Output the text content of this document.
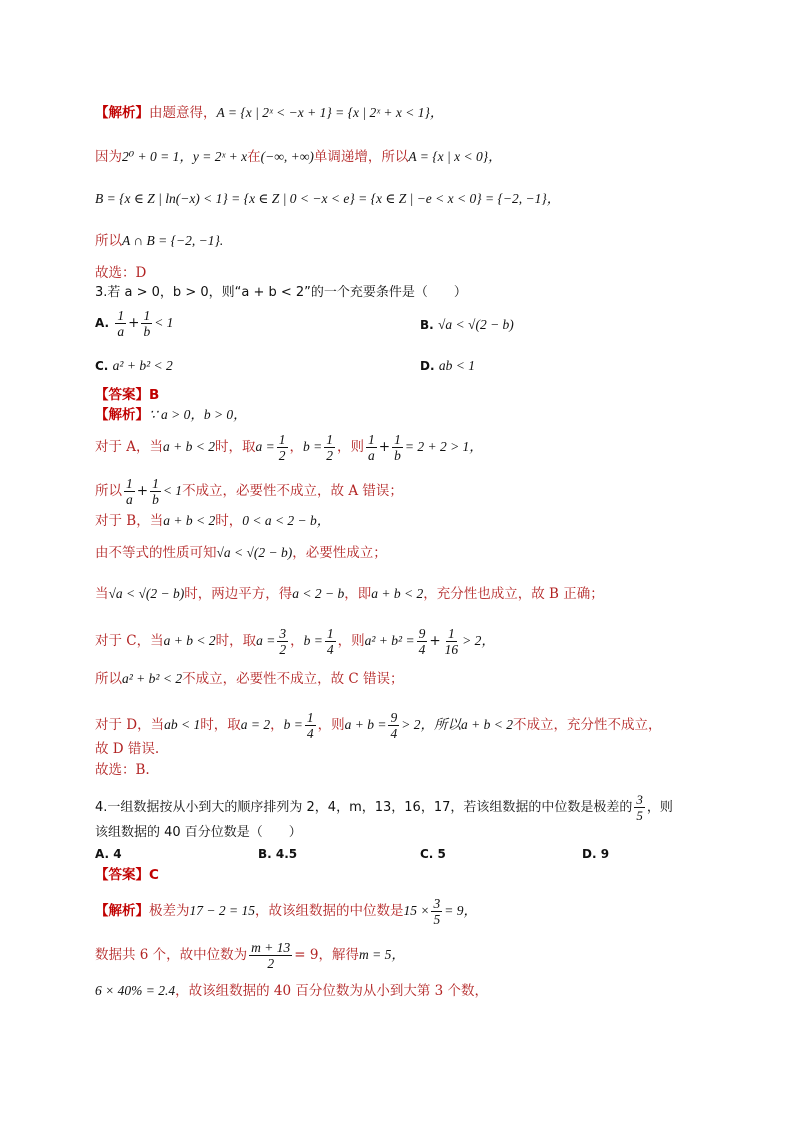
【解析】由题意得，A = {x | 2ˣ < −x + 1} = {x | 2ˣ + x < 1}，
因为2⁰ + 0 = 1，y = 2ˣ + x在(−∞, +∞)单调递增，所以A = {x | x < 0}，
B = {x ∈ Z | ln(−x) < 1} = {x ∈ Z | 0 < −x < e} = {x ∈ Z | −e < x < 0} = {−2, −1}，
所以A ∩ B = {−2, −1}.
故选：D
3.若 a > 0，b > 0，则“a + b < 2”的一个充要条件是（　　）
A. $\frac{1}{a} + \frac{1}{b} < 1$	B. √a < √(2 − b)
C. a² + b² < 2	D. ab < 1
【答案】B
【解析】∵ a > 0，b > 0，
对于 A，当a + b < 2时，取$a = \frac{1}{2}$ ，$b = \frac{1}{2}$ ，则 $\frac{1}{a} + \frac{1}{b} = 2 + 2 > 1$，
所以 $\frac{1}{a} + \frac{1}{b} < 1$不成立，必要性不成立，故 A 错误；
对于 B，当a + b < 2时，0 < a < 2 − b，
由不等式的性质可知√a < √(2 − b)，必要性成立；
当√a < √(2 − b)时，两边平方，得a < 2 − b，即a + b < 2，充分性也成立，故 B 正确；
对于 C，当a + b < 2时，取$a = \frac{3}{2}$ ，$b = \frac{1}{4}$ ，则$a^2 + b^2 = \frac{9}{4} + \frac{1}{16} > 2$，
所以a² + b² < 2不成立，必要性不成立，故 C 错误；
对于 D，当ab < 1时，取a = 2，$b = \frac{1}{4}$ ，则$a + b = \frac{9}{4} > 2$，所以a + b < 2不成立，充分性不成立，
故 D 错误.
故选：B.
4.一组数据按从小到大的顺序排列为 2，4，m，13，16，17，若该组数据的中位数是极差的 $\frac{3}{5}$ ，则
该组数据的 40 百分位数是（　　）
A. 4	B. 4.5	C. 5	D. 9
【答案】C
【解析】极差为17 − 2 = 15，故该组数据的中位数是$15 \times \frac{3}{5} = 9$，
数据共 6 个，故中位数为 $\frac{m + 13}{2} = 9$，解得m = 5，
6 × 40% = 2.4，故该组数据的 40 百分位数为从小到大第 3 个数，
